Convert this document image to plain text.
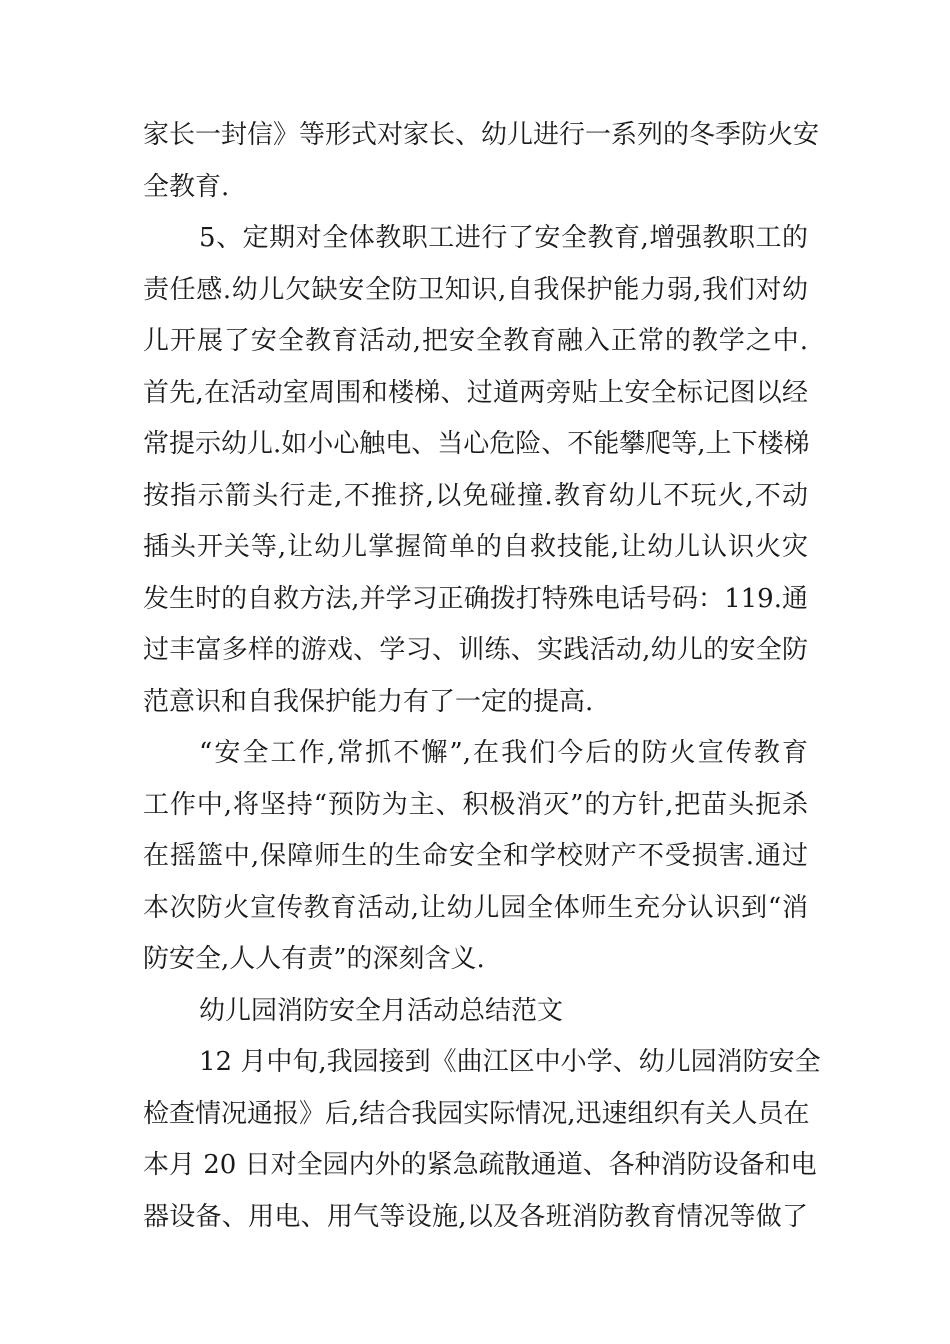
家长一封信》等形式对家长、幼儿进行一系列的冬季防火安
全教育.
5、定期对全体教职工进行了安全教育,增强教职工的
责任感.幼儿欠缺安全防卫知识,自我保护能力弱,我们对幼
儿开展了安全教育活动,把安全教育融入正常的教学之中.
首先,在活动室周围和楼梯、过道两旁贴上安全标记图以经
常提示幼儿.如小心触电、当心危险、不能攀爬等,上下楼梯
按指示箭头行走,不推挤,以免碰撞.教育幼儿不玩火,不动
插头开关等,让幼儿掌握简单的自救技能,让幼儿认识火灾
发生时的自救方法,并学习正确拨打特殊电话号码：119.通
过丰富多样的游戏、学习、训练、实践活动,幼儿的安全防
范意识和自我保护能力有了一定的提高.
“安全工作,常抓不懈”,在我们今后的防火宣传教育
工作中,将坚持“预防为主、积极消灭”的方针,把苗头扼杀
在摇篮中,保障师生的生命安全和学校财产不受损害.通过
本次防火宣传教育活动,让幼儿园全体师生充分认识到“消
防安全,人人有责”的深刻含义.
幼儿园消防安全月活动总结范文
12 月中旬,我园接到《曲江区中小学、幼儿园消防安全
检查情况通报》后,结合我园实际情况,迅速组织有关人员在
本月 20 日对全园内外的紧急疏散通道、各种消防设备和电
器设备、用电、用气等设施,以及各班消防教育情况等做了
